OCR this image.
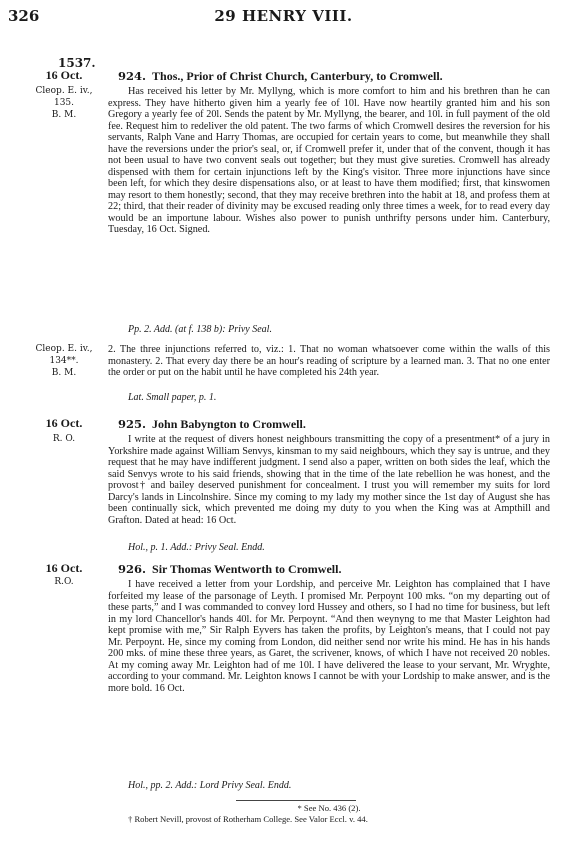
326	29 HENRY VIII.
1537.
16 Oct.	924. Thos., Prior of Christ Church, Canterbury, to Cromwell.
Cleop. E. iv.,
135.
B. M.
Has received his letter by Mr. Myllyng, which is more comfort to him and his brethren than he can express. They have hitherto given him a yearly fee of 10l. Have now heartily granted him and his son Gregory a yearly fee of 20l. Sends the patent by Mr. Myllyng, the bearer, and 10l. in full payment of the old fee. Request him to redeliver the old patent. The two farms of which Cromwell desires the reversion for his servants, Ralph Vane and Harry Thomas, are occupied for certain years to come, but meanwhile they shall have the reversions under the prior's seal, or, if Cromwell prefer it, under that of the convent, though it has not been usual to have two convent seals out together; but they must give sureties. Cromwell has already dispensed with them for certain injunctions left by the King's visitor. Three more injunctions have since been left, for which they desire dispensations also, or at least to have them modified; first, that kinswomen may resort to them honestly; second, that they may receive brethren into the habit at 18, and profess them at 22; third, that their reader of divinity may be excused reading only three times a week, for to read every day would be an importune labour. Wishes also power to punish unthrifty persons under him. Canterbury, Tuesday, 16 Oct. Signed.
Pp. 2. Add. (at f. 138 b): Privy Seal.
Cleop. E. iv.,
134**.
B. M.
2. The three injunctions referred to, viz.: 1. That no woman whatsoever come within the walls of this monastery. 2. That every day there be an hour's reading of scripture by a learned man. 3. That no one enter the order or put on the habit until he have completed his 24th year.
Lat. Small paper, p. 1.
16 Oct.
R. O.
925. John Babyngton to Cromwell.
I write at the request of divers honest neighbours transmitting the copy of a presentment* of a jury in Yorkshire made against William Senvys, kinsman to my said neighbours, which they say is untrue, and they request that he may have indifferent judgment. I send also a paper, written on both sides the leaf, which the said Senvys wrote to his said friends, showing that in the time of the late rebellion he was honest, and the provost† and bailey deserved punishment for concealment. I trust you will remember my suits for lord Darcy's lands in Lincolnshire. Since my coming to my lady my mother since the 1st day of August she has been continually sick, which prevented me doing my duty to you when the King was at Ampthill and Grafton. Dated at head: 16 Oct.
Hol., p. 1. Add.: Privy Seal. Endd.
16 Oct.
R.O.
926. Sir Thomas Wentworth to Cromwell.
I have received a letter from your Lordship, and perceive Mr. Leighton has complained that I have forfeited my lease of the parsonage of Leyth. I promised Mr. Perpoynt 100 mks. “on my departing out of these parts,” and I was commanded to convey lord Hussey and others, so I had no time for business, but left in my lord Chancellor's hands 40l. for Mr. Perpoynt. “And then weynyng to me that Master Leighton had kept promise with me,” Sir Ralph Eyvers has taken the profits, by Leighton's means, that I could not pay Mr. Perpoynt. He, since my coming from London, did neither send nor write his mind. He has in his hands 200 mks. of mine these three years, as Garet, the scrivener, knows, of which I have not received 20 nobles. At my coming away Mr. Leighton had of me 10l. I have delivered the lease to your servant, Mr. Wryghte, according to your command. Mr. Leighton knows I cannot be with your Lordship to make answer, and is the more bold. 16 Oct.
Hol., pp. 2. Add.: Lord Privy Seal. Endd.
* See No. 436 (2).
† Robert Nevill, provost of Rotherham College. See Valor Eccl. v. 44.
